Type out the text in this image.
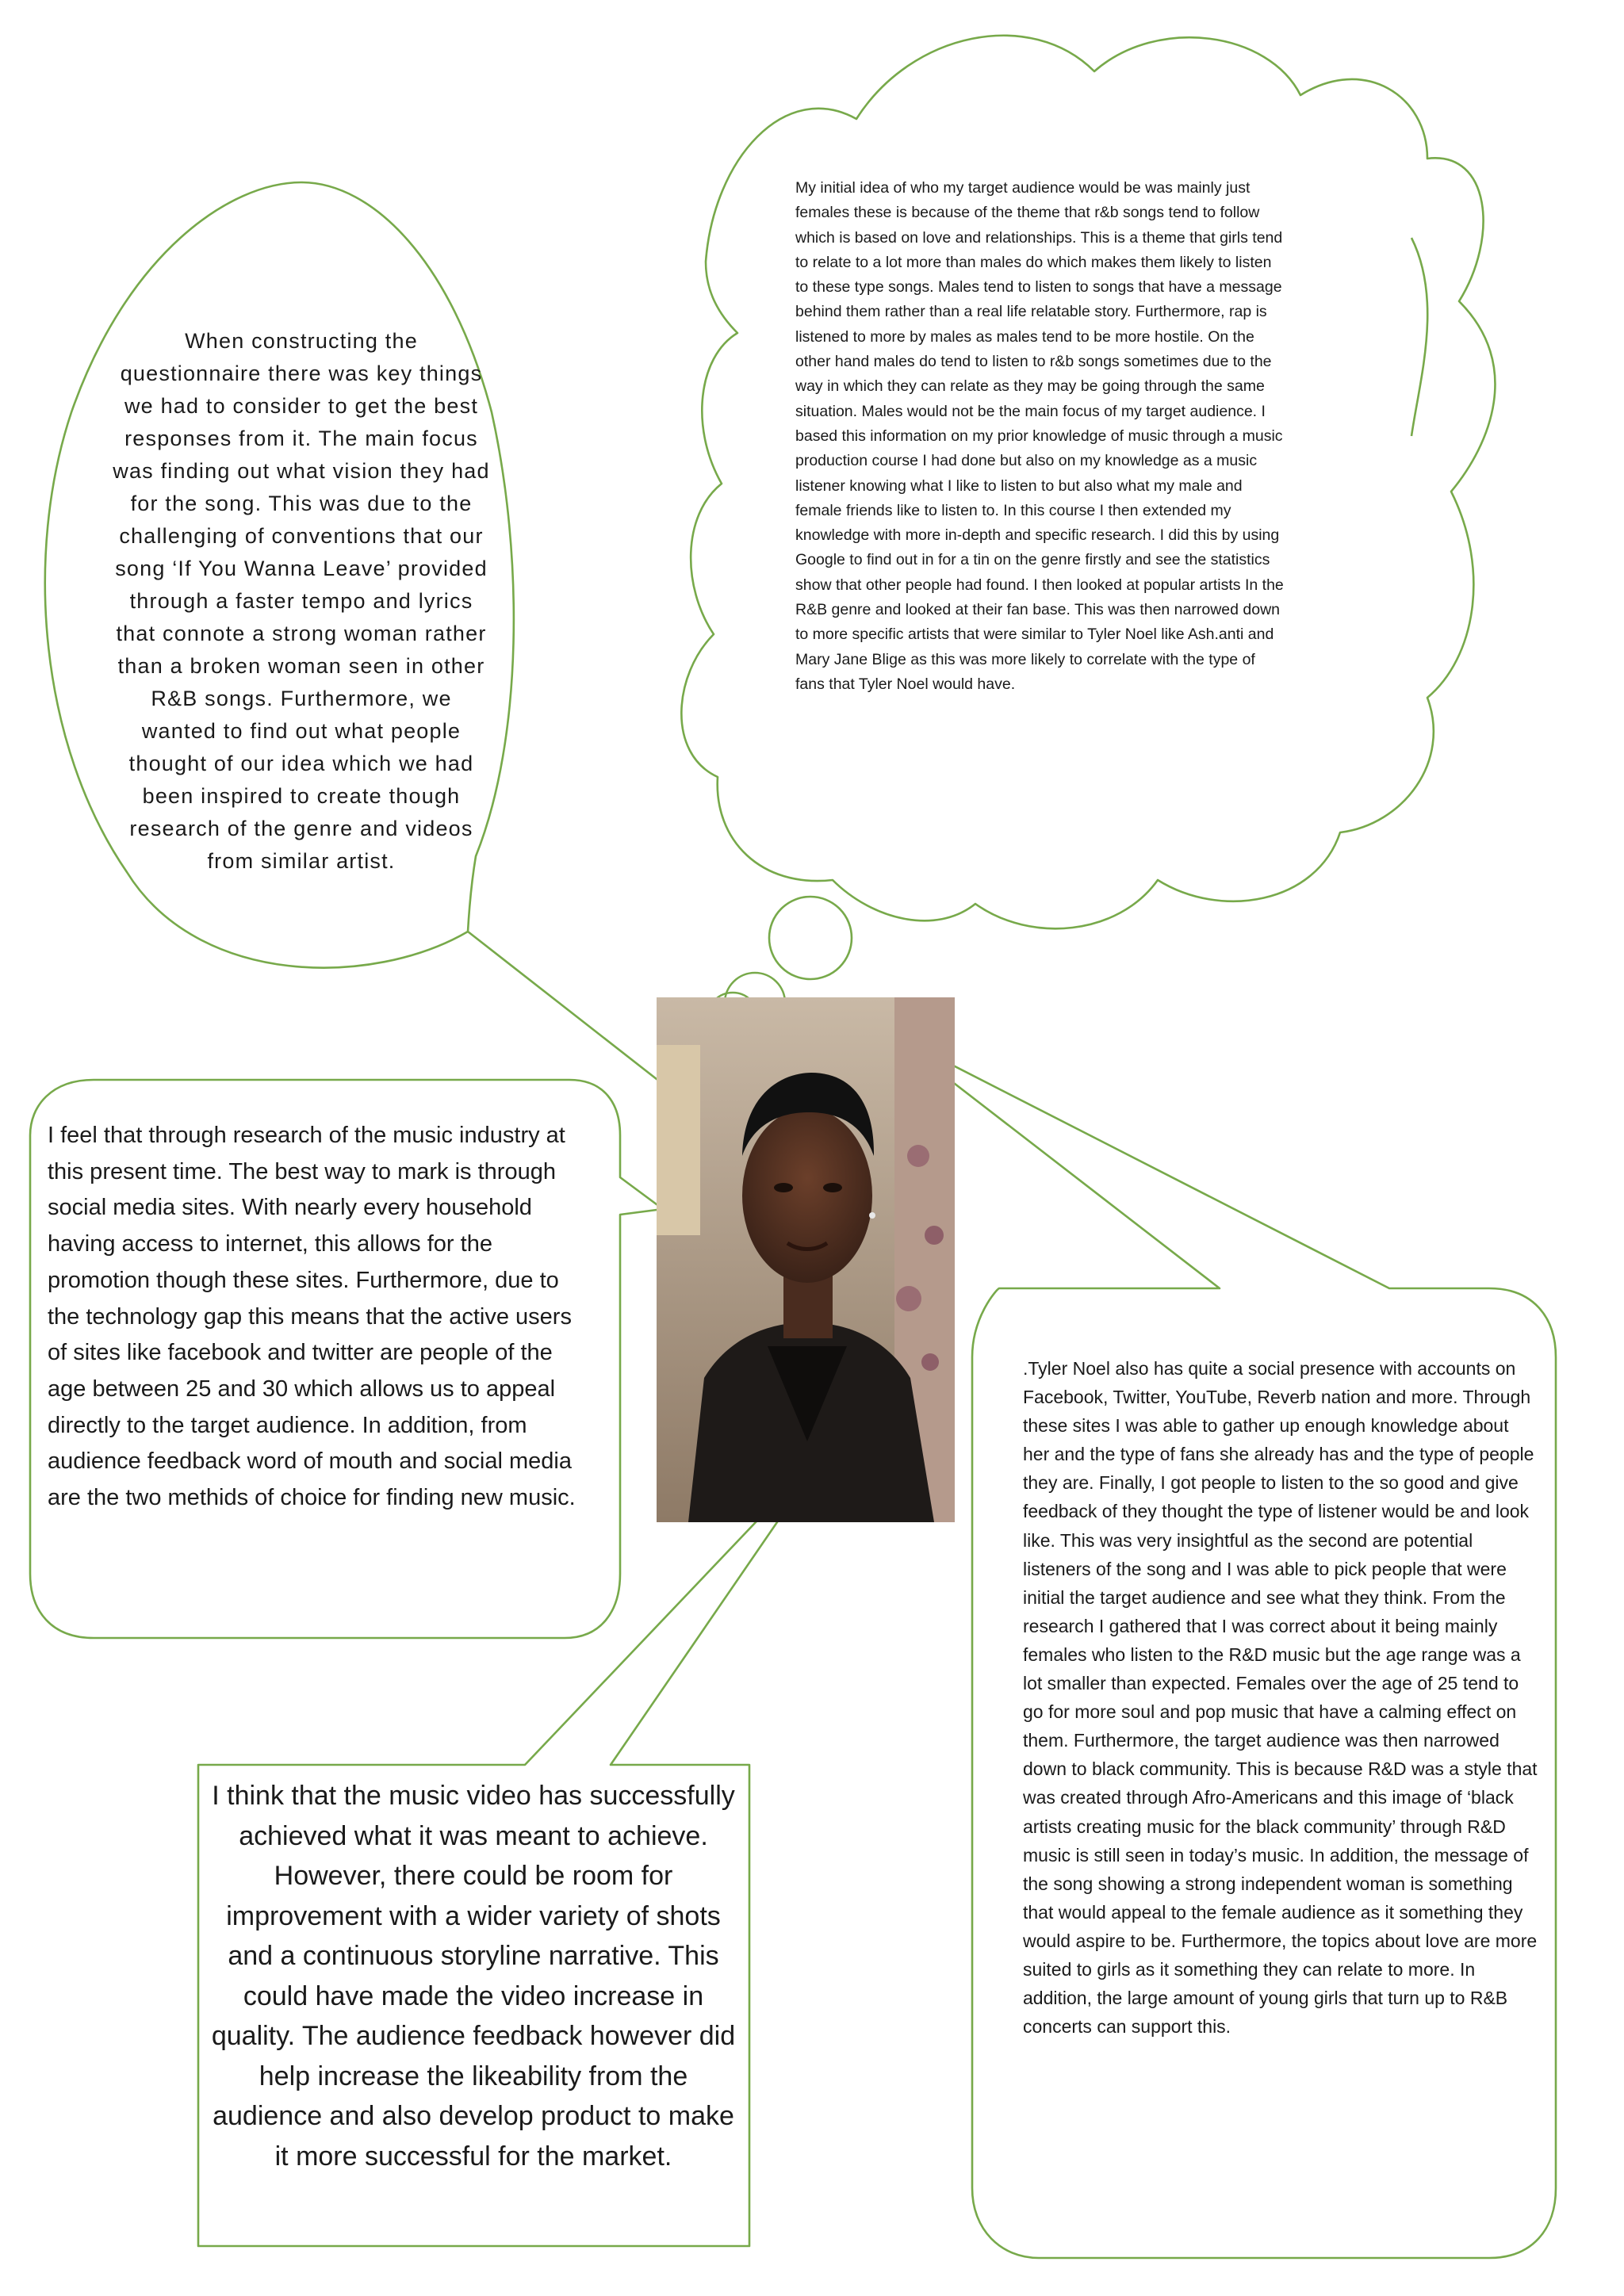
When constructing the questionnaire there was key things we had to consider to get the best responses from it. The main focus was finding out what vision they had for the song. This was due to the challenging of conventions that our song ‘If You Wanna Leave’ provided through a faster tempo and lyrics that connote a strong woman rather than a broken woman seen in other R&B songs. Furthermore, we wanted to find out what people thought of our idea which we had been inspired to create though research of the genre and videos from similar artist.

My initial idea of who my target audience would be was mainly just females these is because of the theme that r&b songs tend to follow which is based on love and relationships. This is a theme that girls tend to relate to a lot more than males do which makes them likely to listen to these type songs. Males tend to listen to songs that have a message behind them rather than a real life relatable story. Furthermore, rap is listened to more by males as males tend to be more hostile. On the other hand males do tend to listen to r&b songs sometimes due to the way in which they can relate as they may be going through the same situation. Males would not be the main focus of my target audience. I based this information on my prior knowledge of music through a music production course I had done but also on my knowledge as a music listener knowing what I like to listen to but also what my male and female friends like to listen to. In this course I then extended my knowledge with more in-depth and specific research. I did this by using Google to find out in for a tin on the genre firstly and see the statistics show that other people had found. I then looked at popular artists In the R&B genre and looked at their fan base. This was then narrowed down to more specific artists that were similar to Tyler Noel like Ash.anti and Mary Jane Blige as this was more likely to correlate with the type of fans that Tyler Noel would have.

I feel that through research of the music industry at this present time. The best way to mark is through social media sites. With nearly every household having access to internet, this allows for the promotion though these sites. Furthermore, due to the technology gap this means that the active users of sites like facebook and twitter are people of the age between 25 and 30 which allows us to appeal directly to the target audience. In addition, from audience feedback word of mouth and social media are the two methids of choice for finding new music.

.Tyler Noel also has quite a social presence with accounts on Facebook, Twitter, YouTube, Reverb nation and more. Through these sites I was able to gather up enough knowledge about her and the type of fans she already has and the type of people they are. Finally, I got people to listen to the so good and give feedback of they thought the type of listener would be and look like. This was very insightful as the second are potential listeners of the song and I was able to pick people that were initial the target audience and see what they think. From the research I gathered that I was correct about it being mainly females who listen to the R&D music but the age range was a lot smaller than expected. Females over the age of 25 tend to go for more soul and pop music that have a calming effect on them. Furthermore, the target audience was then narrowed down to black community. This is because R&D was a style that was created through Afro-Americans and this image of ‘black artists creating music for the black community’ through R&D music is still seen in today’s music. In addition, the message of the song showing a strong independent woman is something that would appeal to the female audience as it something they would aspire to be. Furthermore, the topics about love are more suited to girls as it something they can relate to more. In addition, the large amount of young girls that turn up to R&B concerts can support this.

I think that the music video has successfully achieved what it was meant to achieve. However, there could be room for improvement with a wider variety of shots and a continuous storyline narrative. This could have made the video increase in quality. The audience feedback however did help increase the likeability from the audience and also develop product to make it more successful for the market.
